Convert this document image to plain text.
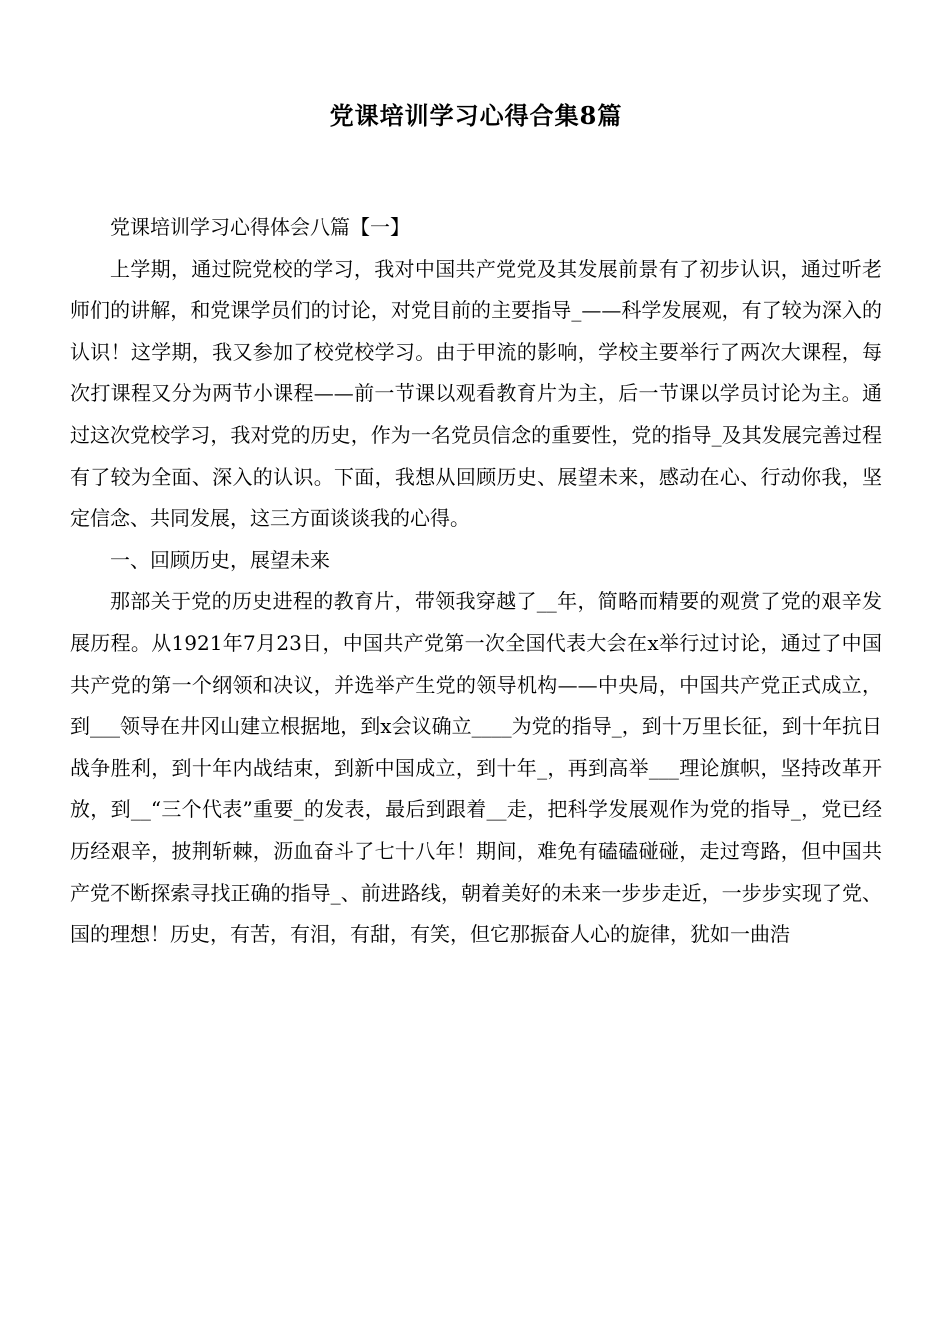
党课培训学习心得合集8篇

党课培训学习心得体会八篇【一】

上学期，通过院党校的学习，我对中国共产党党及其发展前景有了初步认识，通过听老师们的讲解，和党课学员们的讨论，对党目前的主要指导_——科学发展观，有了较为深入的认识！这学期，我又参加了校党校学习。由于甲流的影响，学校主要举行了两次大课程，每次打课程又分为两节小课程——前一节课以观看教育片为主，后一节课以学员讨论为主。通过这次党校学习，我对党的历史，作为一名党员信念的重要性，党的指导_及其发展完善过程有了较为全面、深入的认识。下面，我想从回顾历史、展望未来，感动在心、行动你我，坚定信念、共同发展，这三方面谈谈我的心得。

一、回顾历史，展望未来

那部关于党的历史进程的教育片，带领我穿越了__年，简略而精要的观赏了党的艰辛发展历程。从1921年7月23日，中国共产党第一次全国代表大会在x举行过讨论，通过了中国共产党的第一个纲领和决议，并选举产生党的领导机构——中央局，中国共产党正式成立，到___领导在井冈山建立根据地，到x会议确立____为党的指导_，到十万里长征，到十年抗日战争胜利，到十年内战结束，到新中国成立，到十年_，再到高举___理论旗帜，坚持改革开放，到__“三个代表”重要_的发表，最后到跟着__走，把科学发展观作为党的指导_，党已经历经艰辛，披荆斩棘，沥血奋斗了七十八年！期间，难免有磕磕碰碰，走过弯路，但中国共产党不断探索寻找正确的指导_、前进路线，朝着美好的未来一步步走近，一步步实现了党、国的理想！历史，有苦，有泪，有甜，有笑，但它那振奋人心的旋律，犹如一曲浩
